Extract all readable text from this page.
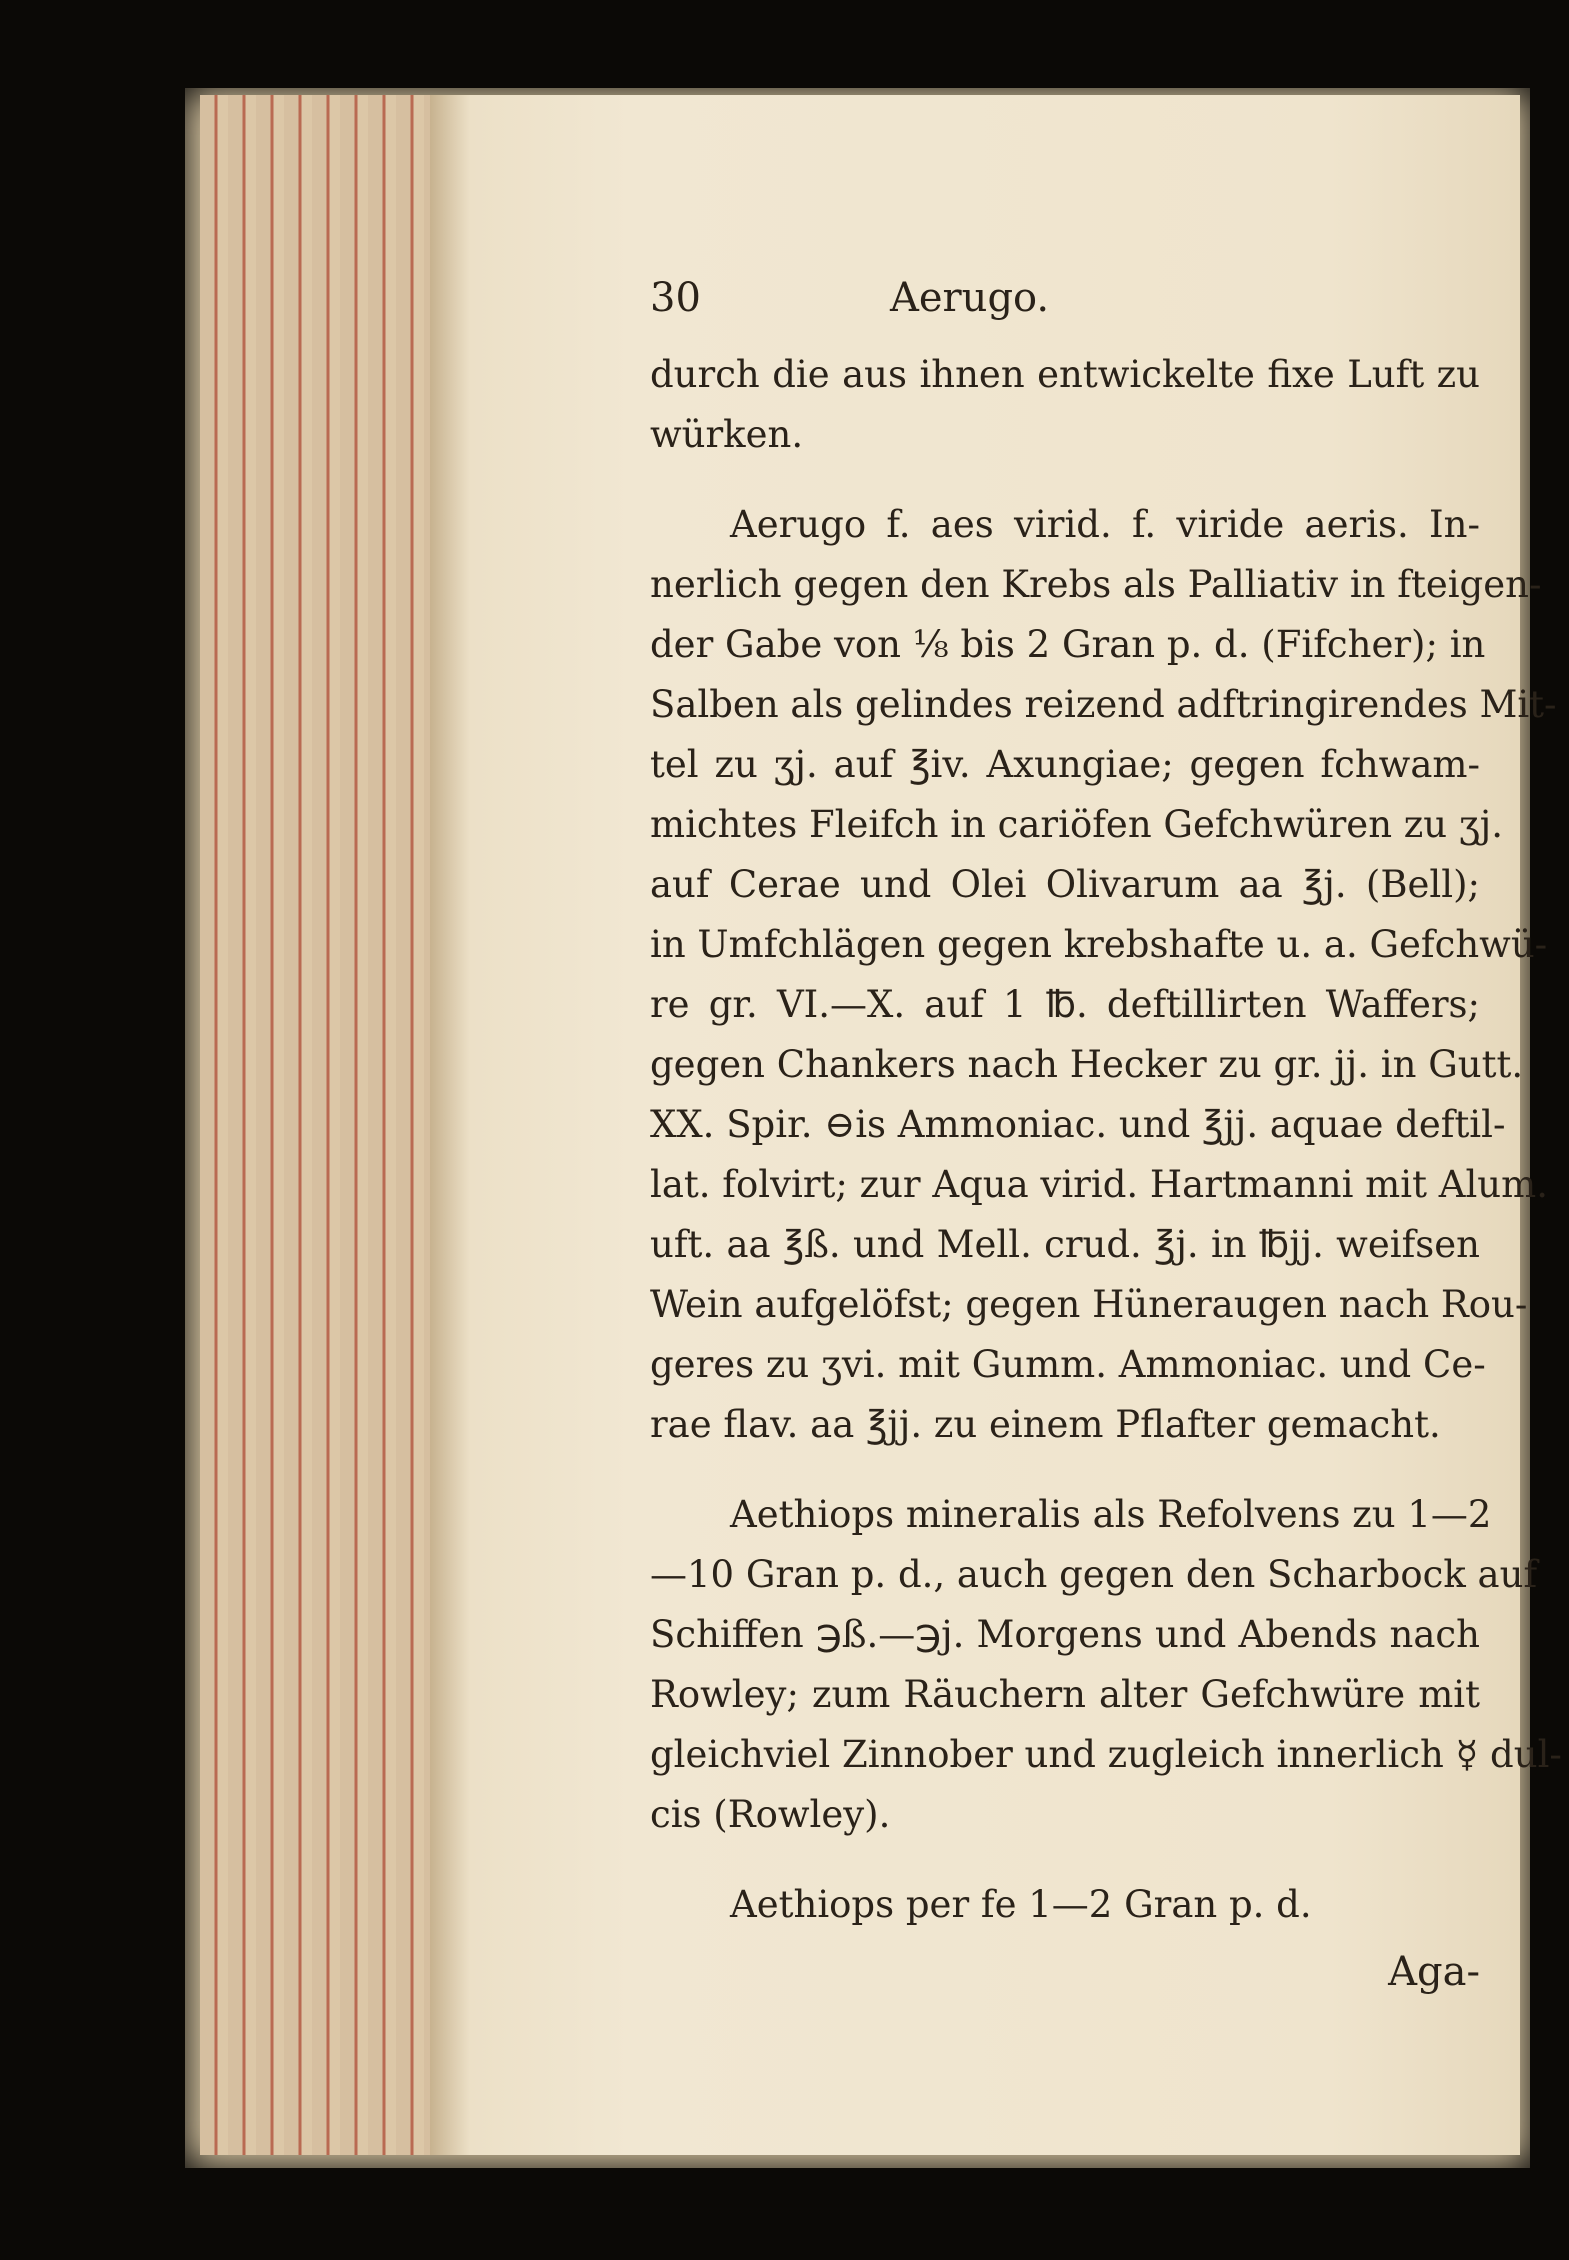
30	Aerugo.
durch die aus ihnen entwickelte fixe Luft zu
würken.
Aerugo f. aes virid. f. viride aeris. In-
nerlich gegen den Krebs als Palliativ in fteigen-
der Gabe von ⅛ bis 2 Gran p. d. (Fifcher); in
Salben als gelindes reizend adftringirendes Mit-
tel zu ʒj. auf ℥iv. Axungiae; gegen fchwam-
michtes Fleifch in cariöfen Gefchwüren zu ʒj.
auf Cerae und Olei Olivarum aa ℥j. (Bell);
in Umfchlägen gegen krebshafte u. a. Gefchwü-
re gr. VI.—X. auf 1 ℔. deftillirten Waffers;
gegen Chankers nach Hecker zu gr. jj. in Gutt.
XX. Spir. ⊖is Ammoniac. und ℥jj. aquae deftil-
lat. folvirt; zur Aqua virid. Hartmanni mit Alum.
uft. aa ℥ß. und Mell. crud. ℥j. in ℔jj. weifsen
Wein aufgelöfst; gegen Hüneraugen nach Rou-
geres zu ʒvi. mit Gumm. Ammoniac. und Ce-
rae flav. aa ℥jj. zu einem Pflafter gemacht.
Aethiops mineralis als Refolvens zu 1—2
—10 Gran p. d., auch gegen den Scharbock auf
Schiffen ℈ß.—℈j. Morgens und Abends nach
Rowley; zum Räuchern alter Gefchwüre mit
gleichviel Zinnober und zugleich innerlich ☿ dul-
cis (Rowley).
Aethiops per fe 1—2 Gran p. d.
Aga-
